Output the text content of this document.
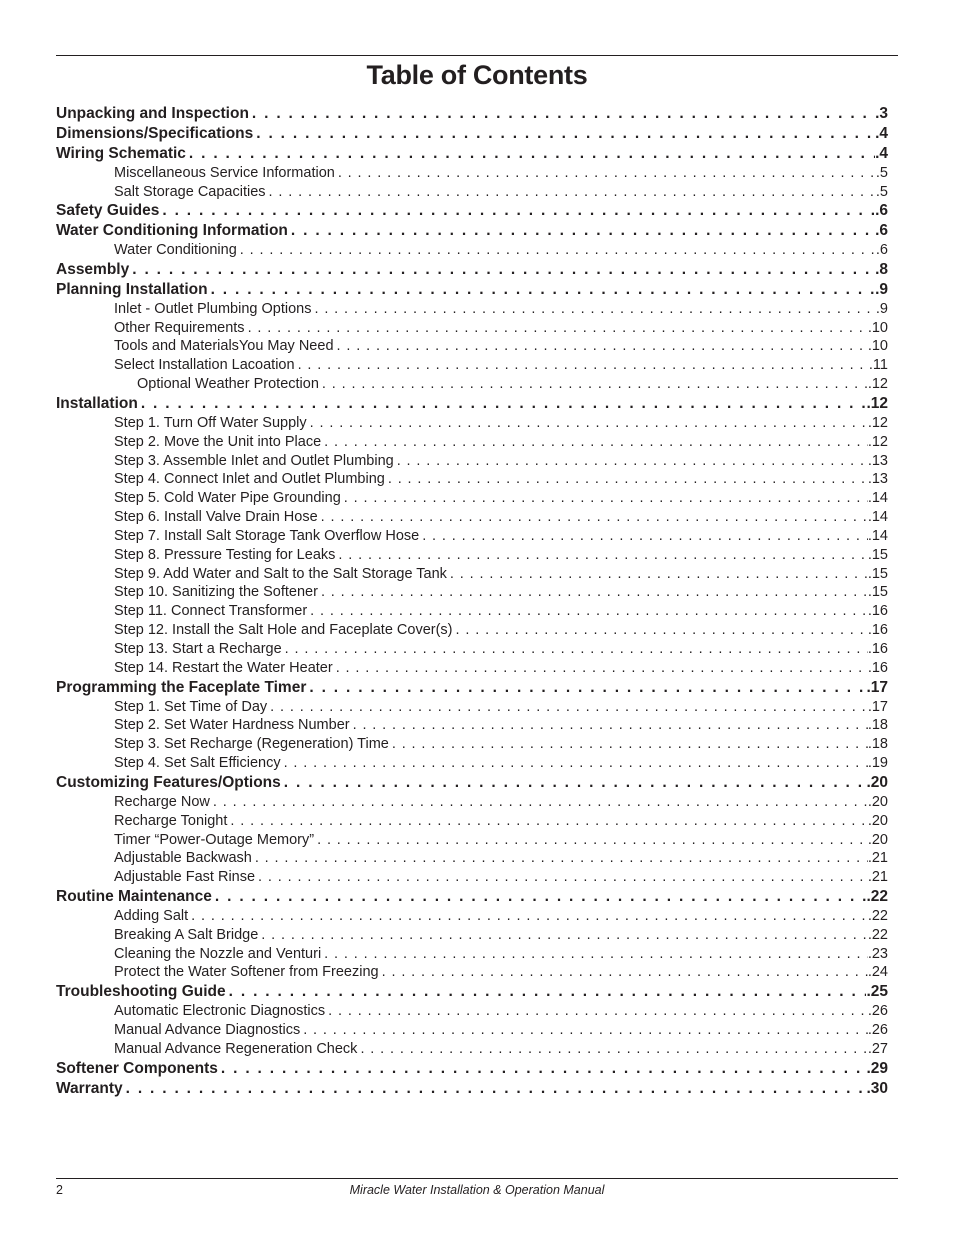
Table of Contents
Unpacking and Inspection . . .	.3
Dimensions/Specifications . . .	.4
Wiring Schematic . . .	.4
Miscellaneous Service Information . . .	.5
Salt Storage Capacities . . .	.5
Safety Guides . . .	.6
Water Conditioning Information . . .	.6
Water Conditioning . . .	.6
Assembly . . .	.8
Planning Installation . . .	.9
Inlet - Outlet Plumbing Options . . .	.9
Other Requirements . . .	.10
Tools and MaterialsYou May Need . . .	.10
Select Installation Lacoation . . .	.11
Optional Weather Protection . . .	.12
Installation . . .	.12
Step 1. Turn Off Water Supply . . .	.12
Step 2. Move the Unit into Place . . .	.12
Step 3. Assemble Inlet and Outlet Plumbing . . .	.13
Step 4. Connect Inlet and Outlet Plumbing . . .	.13
Step 5. Cold Water Pipe Grounding . . .	.14
Step 6. Install Valve Drain Hose . . .	.14
Step 7. Install Salt Storage Tank Overflow Hose . . .	.14
Step 8. Pressure Testing for Leaks . . .	.15
Step 9. Add Water and Salt to the Salt Storage Tank . . .	.15
Step 10. Sanitizing the Softener . . .	.15
Step 11. Connect Transformer . . .	.16
Step 12. Install the Salt Hole and Faceplate Cover(s) . . .	.16
Step 13. Start a Recharge . . .	.16
Step 14. Restart the Water Heater . . .	.16
Programming the Faceplate Timer . . .	.17
Step 1. Set Time of Day . . .	.17
Step 2. Set Water Hardness Number . . .	.18
Step 3. Set Recharge (Regeneration) Time . . .	.18
Step 4. Set Salt Efficiency . . .	.19
Customizing Features/Options . . .	.20
Recharge Now . . .	.20
Recharge Tonight . . .	.20
Timer “Power-Outage Memory” . . .	.20
Adjustable Backwash . . .	.21
Adjustable Fast Rinse . . .	.21
Routine Maintenance . . .	.22
Adding Salt . . .	.22
Breaking A Salt Bridge . . .	.22
Cleaning the Nozzle and Venturi . . .	.23
Protect the Water Softener from Freezing . . .	.24
Troubleshooting Guide . . .	.25
Automatic Electronic Diagnostics . . .	.26
Manual Advance Diagnostics . . .	.26
Manual Advance Regeneration Check . . .	.27
Softener Components . . .	.29
Warranty . . .	.30
2	Miracle Water Installation & Operation Manual
